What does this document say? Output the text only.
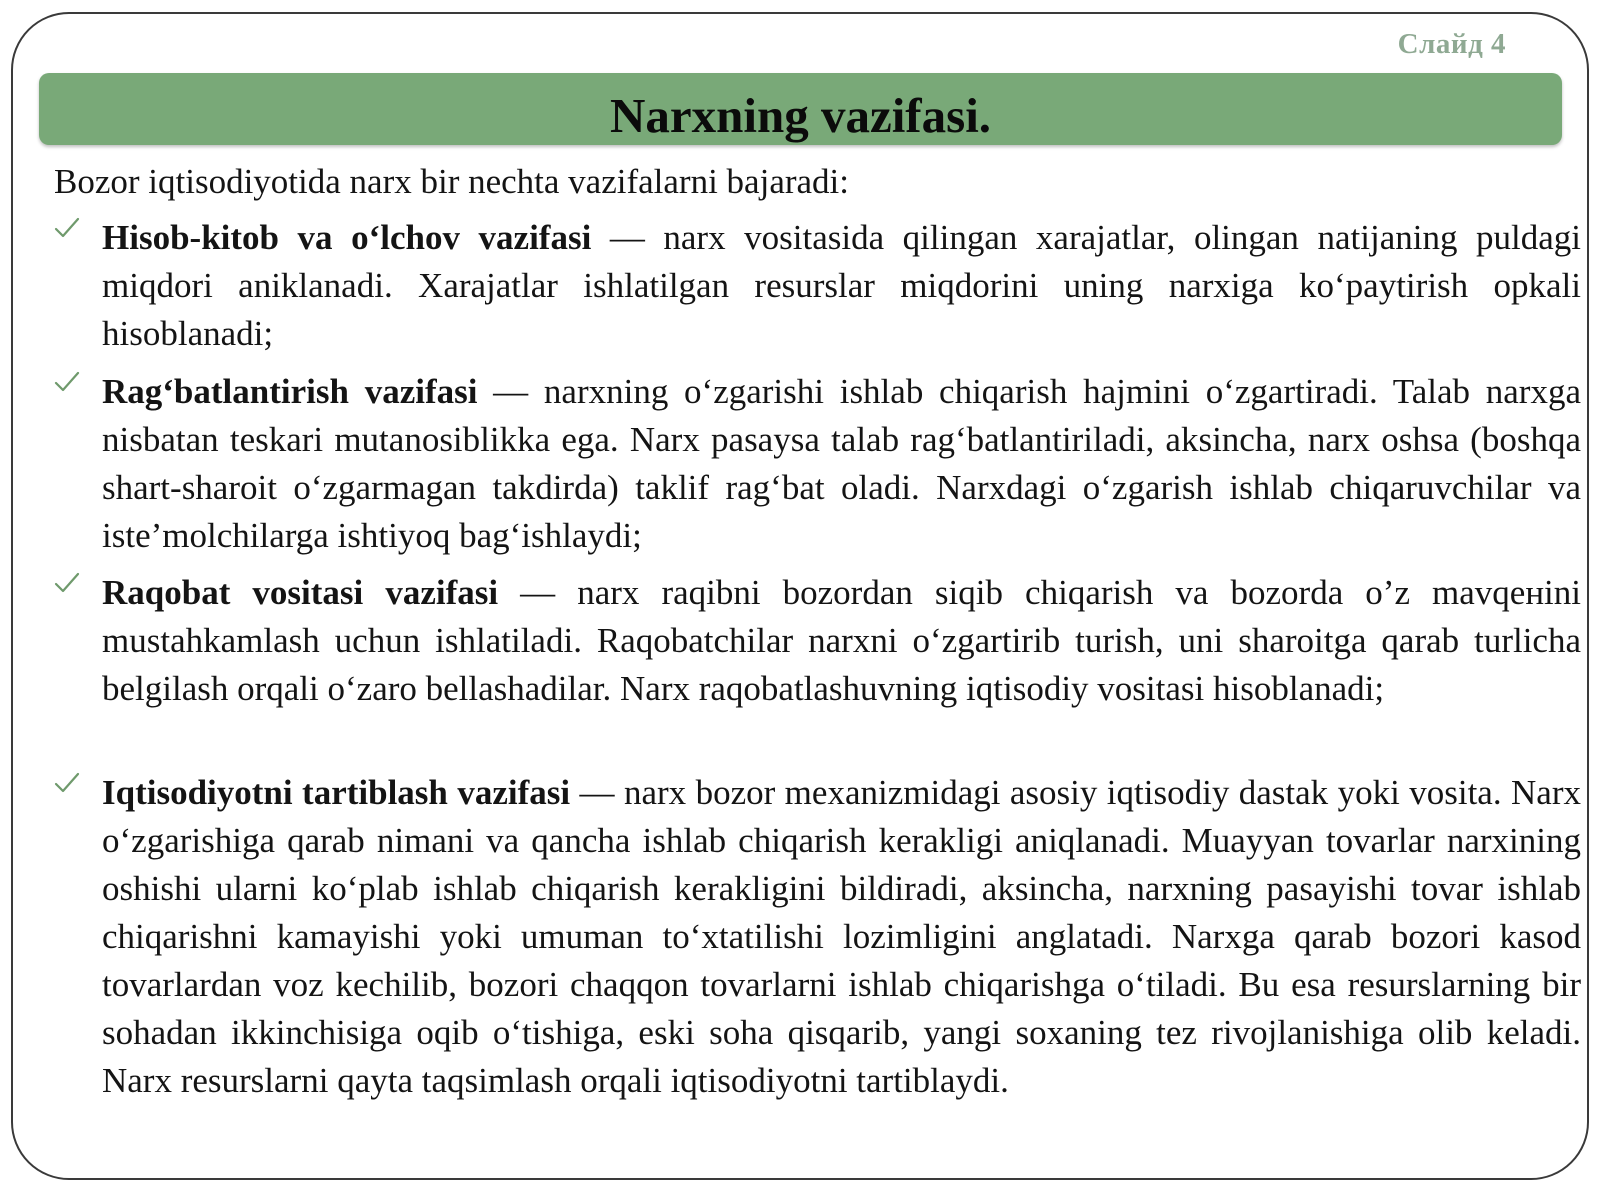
Слайд 4
Narxning vazifasi.
Bozor iqtisodiyotida narx bir nechta vazifalarni bajaradi:
Hisob-kitob va o‘lchov vazifasi — narx vositasida qilingan xarajatlar, olingan natijaning puldagi miqdori aniklanadi. Xarajatlar ishlatilgan resurslar miqdorini uning narxiga ko‘paytirish opkali hisoblanadi;
Rag‘batlantirish vazifasi — narxning o‘zgarishi ishlab chiqarish hajmini o‘zgartiradi. Talab narxga nisbatan teskari mutanosiblikka ega. Narx pasaysa talab rag‘batlantiriladi, aksincha, narx oshsa (boshqa shart-sharoit o‘zgarmagan takdirda) taklif rag‘bat oladi. Narxdagi o‘zgarish ishlab chiqaruvchilar va iste’molchilarga ishtiyoq bag‘ishlaydi;
Raqobat vositasi vazifasi — narx raqibni bozordan siqib chiqarish va bozorda o’z mavqeнini mustahkamlash uchun ishlatiladi. Raqobatchilar narxni o‘zgartirib turish, uni sharoitga qarab turlicha belgilash orqali o‘zaro bellashadilar. Narx raqobatlashuvning iqtisodiy vositasi hisoblanadi;
Iqtisodiyotni tartiblash vazifasi — narx bozor mexanizmidagi asosiy iqtisodiy dastak yoki vosita. Narx o‘zgarishiga qarab nimani va qancha ishlab chiqarish kerakligi aniqlanadi. Muayyan tovarlar narxining oshishi ularni ko‘plab ishlab chiqarish kerakligini bildiradi, aksincha, narxning pasayishi tovar ishlab chiqarishni kamayishi yoki umuman to‘xtatilishi lozimligini anglatadi. Narxga qarab bozori kasod tovarlardan voz kechilib, bozori chaqqon tovarlarni ishlab chiqarishga o‘tiladi. Bu esa resurslarning bir sohadan ikkinchisiga oqib o‘tishiga, eski soha qisqarib, yangi soxaning tez rivojlanishiga olib keladi. Narx resurslarni qayta taqsimlash orqali iqtisodiyotni tartiblaydi.
